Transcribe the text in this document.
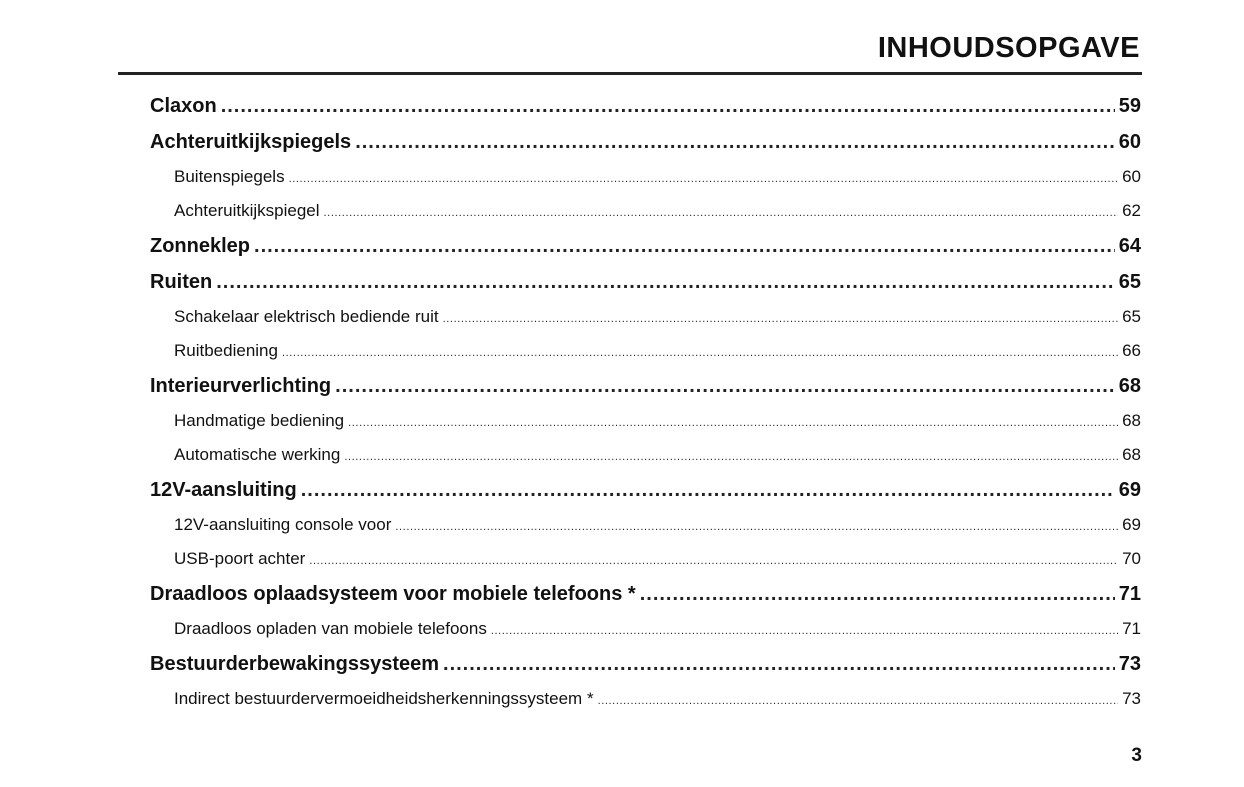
INHOUDSOPGAVE
Claxon .....	59
Achteruitkijkspiegels .....	60
Buitenspiegels .....	60
Achteruitkijkspiegel .....	62
Zonneklep .....	64
Ruiten .....	65
Schakelaar elektrisch bediende ruit .....	65
Ruitbediening .....	66
Interieurverlichting .....	68
Handmatige bediening .....	68
Automatische werking .....	68
12V-aansluiting .....	69
12V-aansluiting console voor .....	69
USB-poort achter .....	70
Draadloos oplaadsysteem voor mobiele telefoons * .....	71
Draadloos opladen van mobiele telefoons .....	71
Bestuurderbewakingssysteem .....	73
Indirect bestuurdervermoeidheidsherkenningssysteem * .....	73
3
